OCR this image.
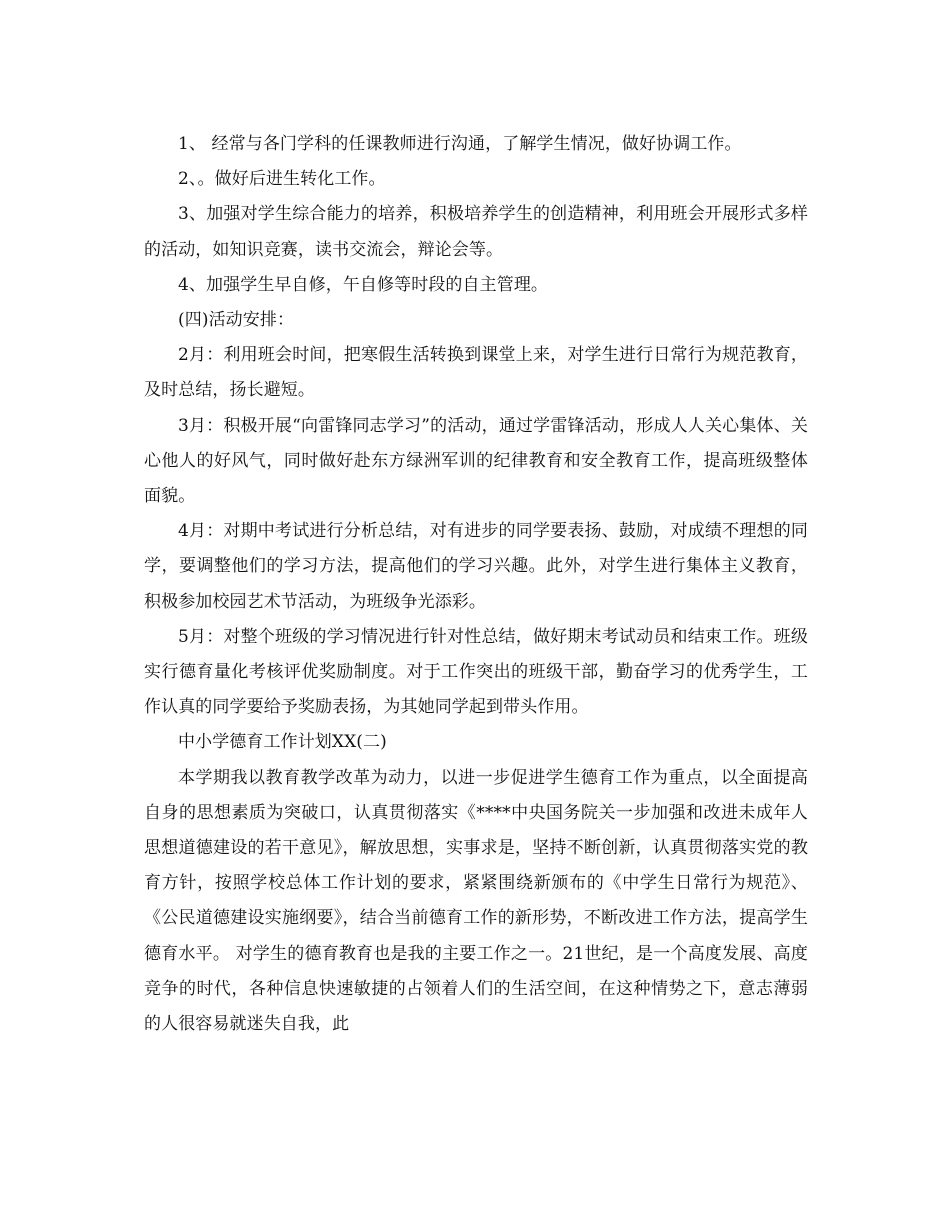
1、 经常与各门学科的任课教师进行沟通，了解学生情况，做好协调工作。

2、。做好后进生转化工作。

3、加强对学生综合能力的培养，积极培养学生的创造精神，利用班会开展形式多样的活动，如知识竞赛，读书交流会，辩论会等。

4、加强学生早自修，午自修等时段的自主管理。

(四)活动安排：

2月：利用班会时间，把寒假生活转换到课堂上来，对学生进行日常行为规范教育，及时总结，扬长避短。

3月：积极开展“向雷锋同志学习”的活动，通过学雷锋活动，形成人人关心集体、关心他人的好风气，同时做好赴东方绿洲军训的纪律教育和安全教育工作，提高班级整体面貌。

4月：对期中考试进行分析总结，对有进步的同学要表扬、鼓励，对成绩不理想的同学，要调整他们的学习方法，提高他们的学习兴趣。此外，对学生进行集体主义教育，积极参加校园艺术节活动，为班级争光添彩。

5月：对整个班级的学习情况进行针对性总结，做好期末考试动员和结束工作。班级实行德育量化考核评优奖励制度。对于工作突出的班级干部，勤奋学习的优秀学生，工作认真的同学要给予奖励表扬，为其她同学起到带头作用。

中小学德育工作计划XX(二)

本学期我以教育教学改革为动力，以进一步促进学生德育工作为重点，以全面提高自身的思想素质为突破口，认真贯彻落实《****中央国务院关一步加强和改进未成年人思想道德建设的若干意见》，解放思想，实事求是，坚持不断创新，认真贯彻落实党的教育方针，按照学校总体工作计划的要求，紧紧围绕新颁布的《中学生日常行为规范》、《公民道德建设实施纲要》，结合当前德育工作的新形势，不断改进工作方法，提高学生德育水平。 对学生的德育教育也是我的主要工作之一。21世纪，是一个高度发展、高度竞争的时代，各种信息快速敏捷的占领着人们的生活空间，在这种情势之下，意志薄弱的人很容易就迷失自我，此
